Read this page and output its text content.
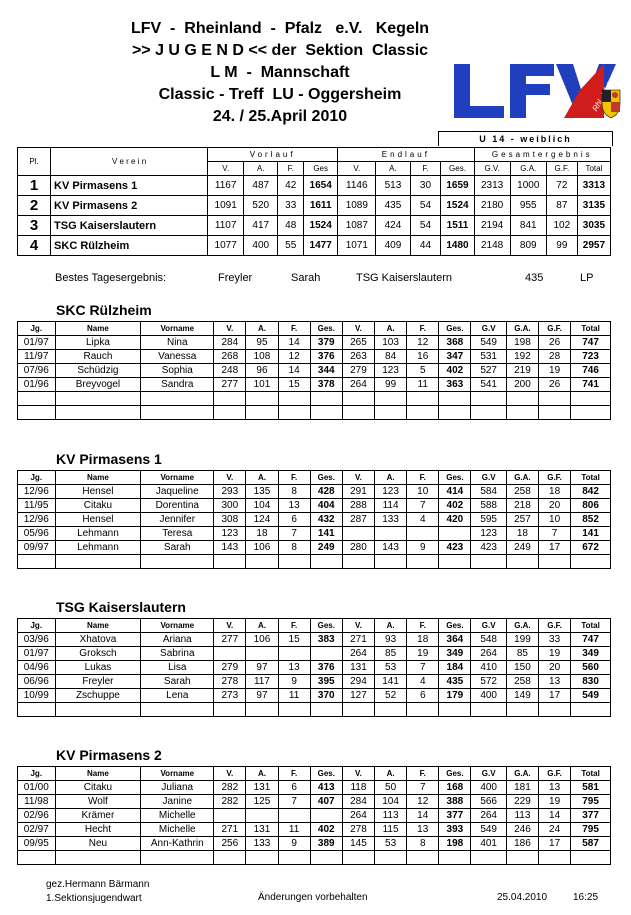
LFV  -  Rheinland  -  Pfalz   e.V.   Kegeln
>> J U G E N D << der  Sektion  Classic
L M  -  Mannschaft
Classic - Treff  LU - Oggersheim
24. / 25.April 2010
U 14 - weiblich
Pl.	V e r e i n	Vorlauf				Endlauf				Gesamtergebnis			
		V.	A.	F.	Ges	V.	A.	F.	Ges.	G.V.	G.A.	G.F.	Total
1	KV Pirmasens 1	1167	487	42	1654	1146	513	30	1659	2313	1000	72	3313
2	KV Pirmasens 2	1091	520	33	1611	1089	435	54	1524	2180	955	87	3135
3	TSG Kaiserslautern	1107	417	48	1524	1087	424	54	1511	2194	841	102	3035
4	SKC Rülzheim	1077	400	55	1477	1071	409	44	1480	2148	809	99	2957
Bestes Tagesergebnis:	Freyler	Sarah	TSG Kaiserslautern	435	LP
SKC Rülzheim
Jg.	Name	Vorname	V.	A.	F.	Ges.	V.	A.	F.	Ges.	G.V	G.A.	G.F.	Total
01/97	Lipka	Nina	284	95	14	379	265	103	12	368	549	198	26	747
11/97	Rauch	Vanessa	268	108	12	376	263	84	16	347	531	192	28	723
07/96	Schüdzig	Sophia	248	96	14	344	279	123	5	402	527	219	19	746
01/96	Breyvogel	Sandra	277	101	15	378	264	99	11	363	541	200	26	741

KV Pirmasens 1
Jg.	Name	Vorname	V.	A.	F.	Ges.	V.	A.	F.	Ges.	G.V	G.A.	G.F.	Total
12/96	Hensel	Jaqueline	293	135	8	428	291	123	10	414	584	258	18	842
11/95	Citaku	Dorentina	300	104	13	404	288	114	7	402	588	218	20	806
12/96	Hensel	Jennifer	308	124	6	432	287	133	4	420	595	257	10	852
05/96	Lehmann	Teresa	123	18	7	141					123	18	7	141
09/97	Lehmann	Sarah	143	106	8	249	280	143	9	423	423	249	17	672

TSG Kaiserslautern
Jg.	Name	Vorname	V.	A.	F.	Ges.	V.	A.	F.	Ges.	G.V	G.A.	G.F.	Total
03/96	Xhatova	Ariana	277	106	15	383	271	93	18	364	548	199	33	747
01/97	Groksch	Sabrina					264	85	19	349	264	85	19	349
04/96	Lukas	Lisa	279	97	13	376	131	53	7	184	410	150	20	560
06/96	Freyler	Sarah	278	117	9	395	294	141	4	435	572	258	13	830
10/99	Zschuppe	Lena	273	97	11	370	127	52	6	179	400	149	17	549

KV Pirmasens 2
Jg.	Name	Vorname	V.	A.	F.	Ges.	V.	A.	F.	Ges.	G.V	G.A.	G.F.	Total
01/00	Citaku	Juliana	282	131	6	413	118	50	7	168	400	181	13	581
11/98	Wolf	Janine	282	125	7	407	284	104	12	388	566	229	19	795
02/96	Krämer	Michelle					264	113	14	377	264	113	14	377
02/97	Hecht	Michelle	271	131	11	402	278	115	13	393	549	246	24	795
09/95	Neu	Ann-Kathrin	256	133	9	389	145	53	8	198	401	186	17	587

gez.Hermann Bärmann
1.Sektionsjugendwart	Änderungen vorbehalten	25.04.2010	16:25
